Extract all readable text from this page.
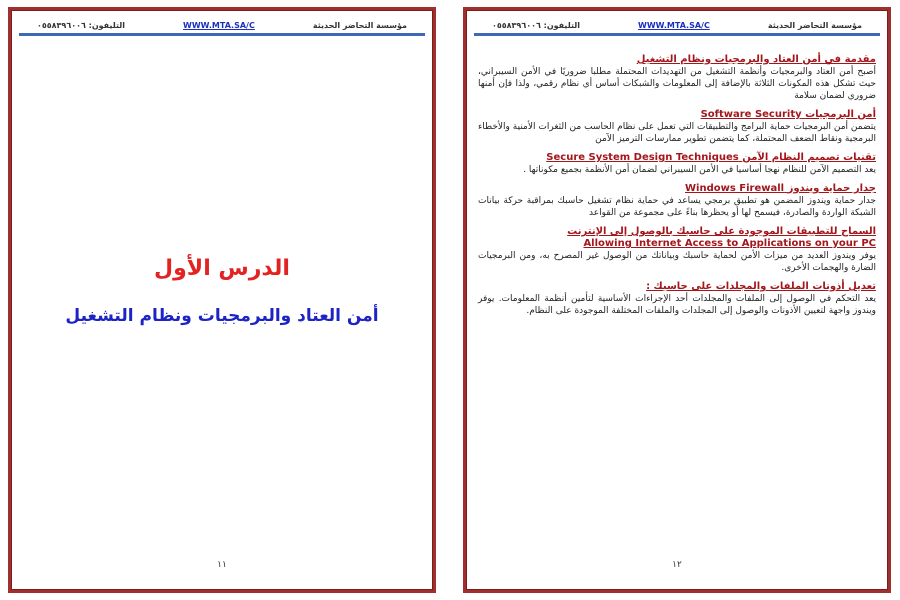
مؤسسة التحاضر الحديثة
WWW.MTA.SA/C
التليفون: ٠٥٥٨٣٩٦٠٠٦
الدرس الأول
أمن العتاد والبرمجيات ونظام التشغيل
١١
مؤسسة التحاضر الحديثة
WWW.MTA.SA/C
التليفون: ٠٥٥٨٣٩٦٠٠٦
مقدمة في أمن العتاد والبرمجيات ونظام التشغيل
أصبح أمن العتاد والبرمجيات وأنظمة التشغيل من التهديدات المحتملة مطلبا ضروريًا في الأمن السيبراني، حيث تشكل هذه المكونات الثلاثة بالإضافة إلى المعلومات والشبكات أساس أي نظام رقمي، ولذا فإن أمنها ضروري لضمان سلامة
أمن البرمجيات Software Security
يتضمن أمن البرمجيات حماية البرامج والتطبيقات التي تعمل على نظام الحاسب من الثغرات الأمنية والأخطاء البرمجية ونقاط الضعف المحتملة، كما يتضمن تطوير ممارسات الترميز الآمن
تقنيات تصميم النظام الآمن Secure System Design Techniques
يعد التصميم الآمن للنظام نهجا أساسيا في الأمن السيبراني لضمان أمن الأنظمة بجميع مكوناتها .
جدار حماية ويندوز Windows Firewall
جدار حماية ويندوز المضمن هو تطبيق برمجي يساعد في حماية نظام تشغيل حاسبك بمراقبة حركة بيانات الشبكة الواردة والصادرة، فيسمح لها أو يحظرها بناءً على مجموعة من القواعد
السماح للتطبيقات الموجودة على حاسبك بالوصول إلى الإنترنت
Allowing Internet Access to Applications on your PC
يوفر ويندوز العديد من ميزات الأمن لحماية حاسبك وبياناتك من الوصول غير المصرح به، ومن البرمجيات الضارة والهجمات الأخرى.
تعديل أذونات الملفات والمجلدات على حاسبك :
يعد التحكم في الوصول إلى الملفات والمجلدات أحد الإجراءات الأساسية لتأمين أنظمة المعلومات. يوفر ويندوز واجهة لتعيين الأذونات والوصول إلى المجلدات والملفات المختلفة الموجودة على النظام.
١٢
